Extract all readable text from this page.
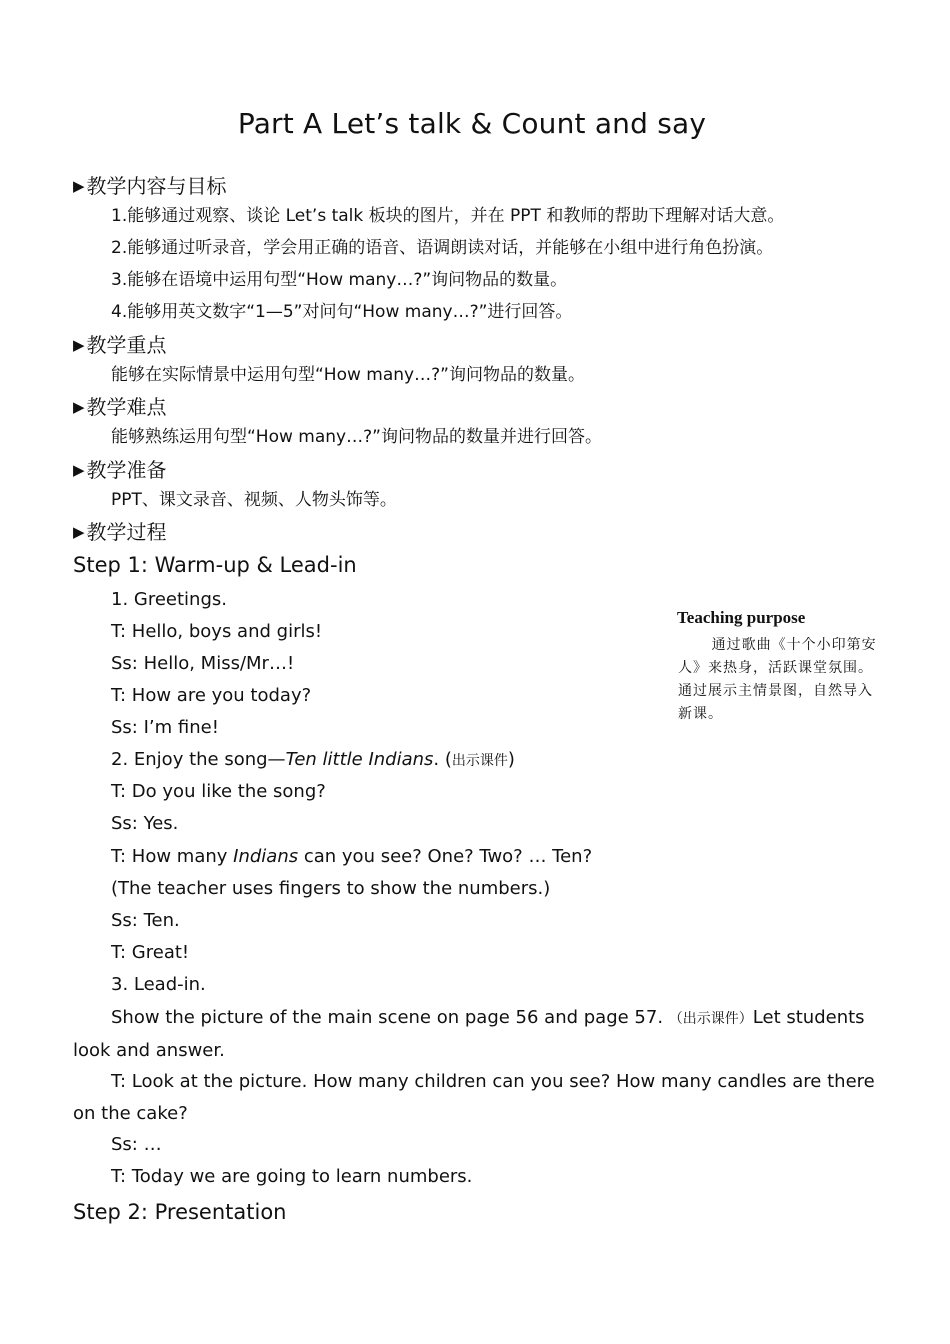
Part A Let’s talk & Count and say
▶ 教学内容与目标
1.能够通过观察、谈论 Let’s talk 板块的图片，并在 PPT 和教师的帮助下理解对话大意。
2.能够通过听录音，学会用正确的语音、语调朗读对话，并能够在小组中进行角色扮演。
3.能够在语境中运用句型“How many…?”询问物品的数量。
4.能够用英文数字“1—5”对问句“How many…?”进行回答。
▶ 教学重点
能够在实际情景中运用句型“How many…?”询问物品的数量。
▶ 教学难点
能够熟练运用句型“How many…?”询问物品的数量并进行回答。
▶ 教学准备
PPT、课文录音、视频、人物头饰等。
▶ 教学过程
Step 1: Warm-up & Lead-in
1. Greetings.
T: Hello, boys and girls!
Ss: Hello, Miss/Mr…!
T: How are you today?
Ss: I’m fine!
2. Enjoy the song—Ten little Indians. (出示课件)
T: Do you like the song?
Ss: Yes.
T: How many Indians can you see? One? Two? … Ten?
(The teacher uses fingers to show the numbers.)
Ss: Ten.
T: Great!
3. Lead-in.
Show the picture of the main scene on page 56 and page 57. （出示课件）Let students look and answer.
T: Look at the picture. How many children can you see? How many candles are there on the cake?
Ss: …
T: Today we are going to learn numbers.
Step 2: Presentation
Teaching purpose
通过歌曲《十个小印第安人》来热身，活跃课堂氛围。通过展示主情景图，自然导入新课。
